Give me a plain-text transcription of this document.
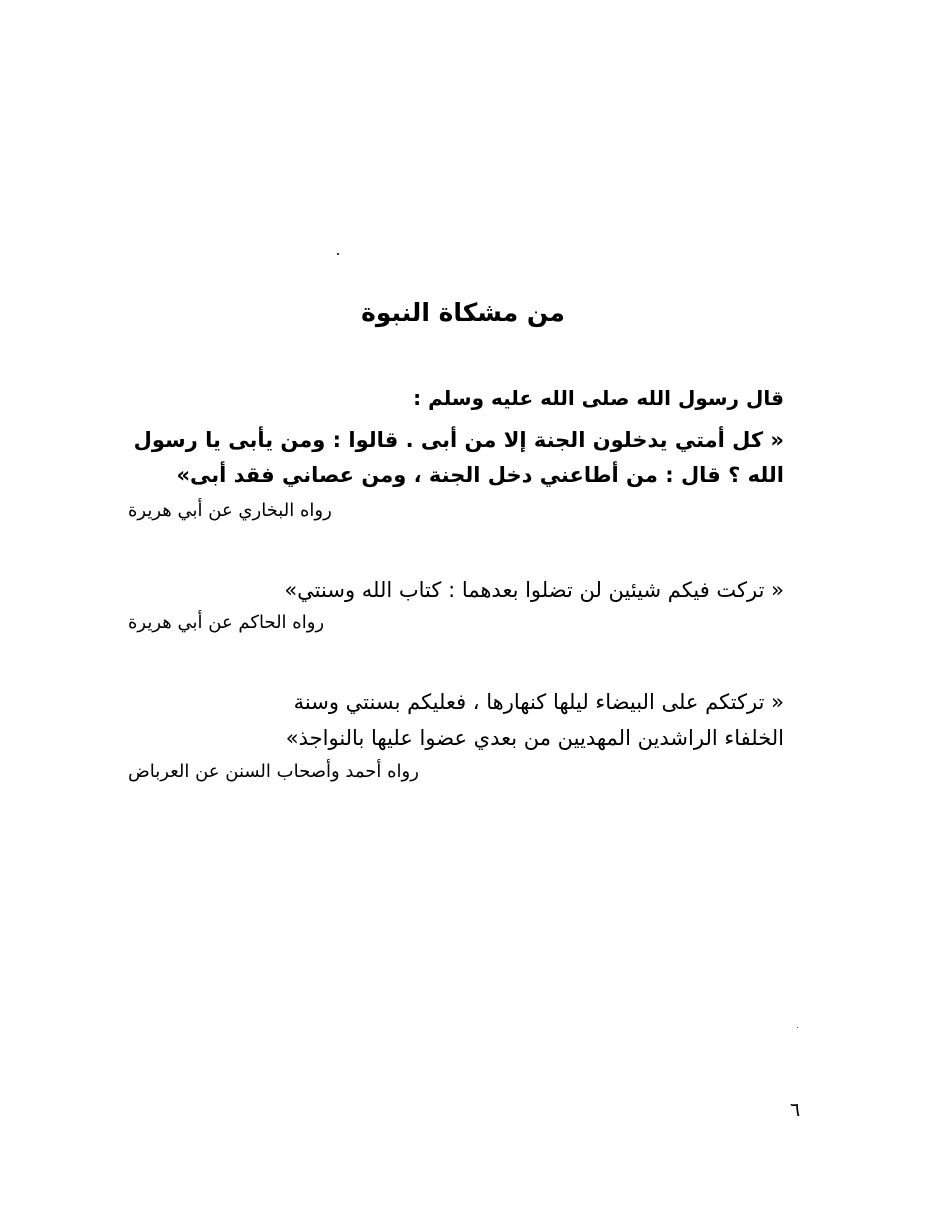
من مشكاة النبوة
قال رسول الله صلى الله عليه وسلم :
« كل أمتي يدخلون الجنة إلا من أبى . قالوا : ومن يأبى يا رسول
الله ؟ قال : من أطاعني دخل الجنة ، ومن عصاني فقد أبى»
رواه البخاري عن أبي هريرة
« تركت فيكم شيئين لن تضلوا بعدهما : كتاب الله وسنتي»
رواه الحاكم عن أبي هريرة
« تركتكم على البيضاء ليلها كنهارها ، فعليكم بسنتي وسنة
الخلفاء الراشدين المهديين من بعدي عضوا عليها بالنواجذ»
رواه أحمد وأصحاب السنن عن العرباض
٦
